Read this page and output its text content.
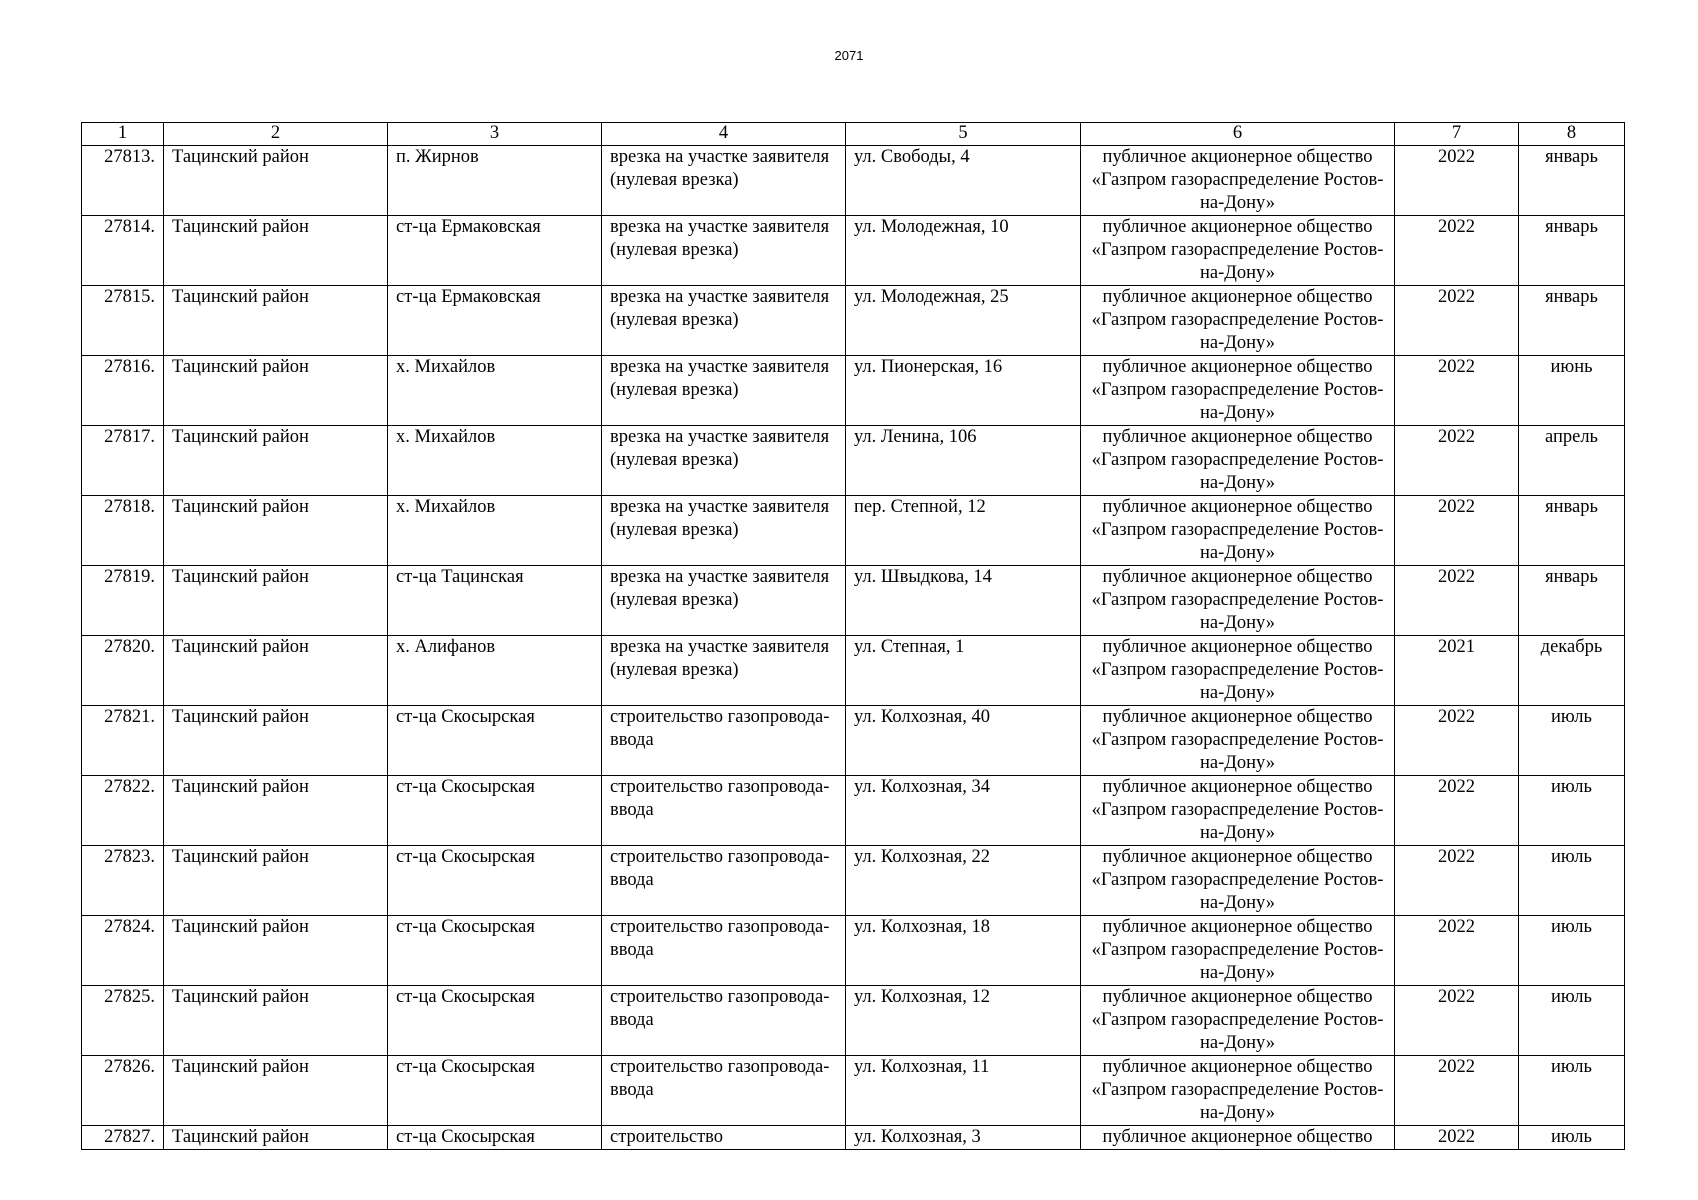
2071
1	2	3	4	5	6	7	8
27813.	Тацинский район	п. Жирнов	врезка на участке заявителя (нулевая врезка)	ул. Свободы, 4	публичное акционерное общество «Газпром газораспределение Ростов-на-Дону»	2022	январь
27814.	Тацинский район	ст-ца Ермаковская	врезка на участке заявителя (нулевая врезка)	ул. Молодежная, 10	публичное акционерное общество «Газпром газораспределение Ростов-на-Дону»	2022	январь
27815.	Тацинский район	ст-ца Ермаковская	врезка на участке заявителя (нулевая врезка)	ул. Молодежная, 25	публичное акционерное общество «Газпром газораспределение Ростов-на-Дону»	2022	январь
27816.	Тацинский район	х. Михайлов	врезка на участке заявителя (нулевая врезка)	ул. Пионерская, 16	публичное акционерное общество «Газпром газораспределение Ростов-на-Дону»	2022	июнь
27817.	Тацинский район	х. Михайлов	врезка на участке заявителя (нулевая врезка)	ул. Ленина, 106	публичное акционерное общество «Газпром газораспределение Ростов-на-Дону»	2022	апрель
27818.	Тацинский район	х. Михайлов	врезка на участке заявителя (нулевая врезка)	пер. Степной, 12	публичное акционерное общество «Газпром газораспределение Ростов-на-Дону»	2022	январь
27819.	Тацинский район	ст-ца Тацинская	врезка на участке заявителя (нулевая врезка)	ул. Швыдкова, 14	публичное акционерное общество «Газпром газораспределение Ростов-на-Дону»	2022	январь
27820.	Тацинский район	х. Алифанов	врезка на участке заявителя (нулевая врезка)	ул. Степная, 1	публичное акционерное общество «Газпром газораспределение Ростов-на-Дону»	2021	декабрь
27821.	Тацинский район	ст-ца Скосырская	строительство газопровода-ввода	ул. Колхозная, 40	публичное акционерное общество «Газпром газораспределение Ростов-на-Дону»	2022	июль
27822.	Тацинский район	ст-ца Скосырская	строительство газопровода-ввода	ул. Колхозная, 34	публичное акционерное общество «Газпром газораспределение Ростов-на-Дону»	2022	июль
27823.	Тацинский район	ст-ца Скосырская	строительство газопровода-ввода	ул. Колхозная, 22	публичное акционерное общество «Газпром газораспределение Ростов-на-Дону»	2022	июль
27824.	Тацинский район	ст-ца Скосырская	строительство газопровода-ввода	ул. Колхозная, 18	публичное акционерное общество «Газпром газораспределение Ростов-на-Дону»	2022	июль
27825.	Тацинский район	ст-ца Скосырская	строительство газопровода-ввода	ул. Колхозная, 12	публичное акционерное общество «Газпром газораспределение Ростов-на-Дону»	2022	июль
27826.	Тацинский район	ст-ца Скосырская	строительство газопровода-ввода	ул. Колхозная, 11	публичное акционерное общество «Газпром газораспределение Ростов-на-Дону»	2022	июль
27827.	Тацинский район	ст-ца Скосырская	строительство	ул. Колхозная, 3	публичное акционерное общество	2022	июль
